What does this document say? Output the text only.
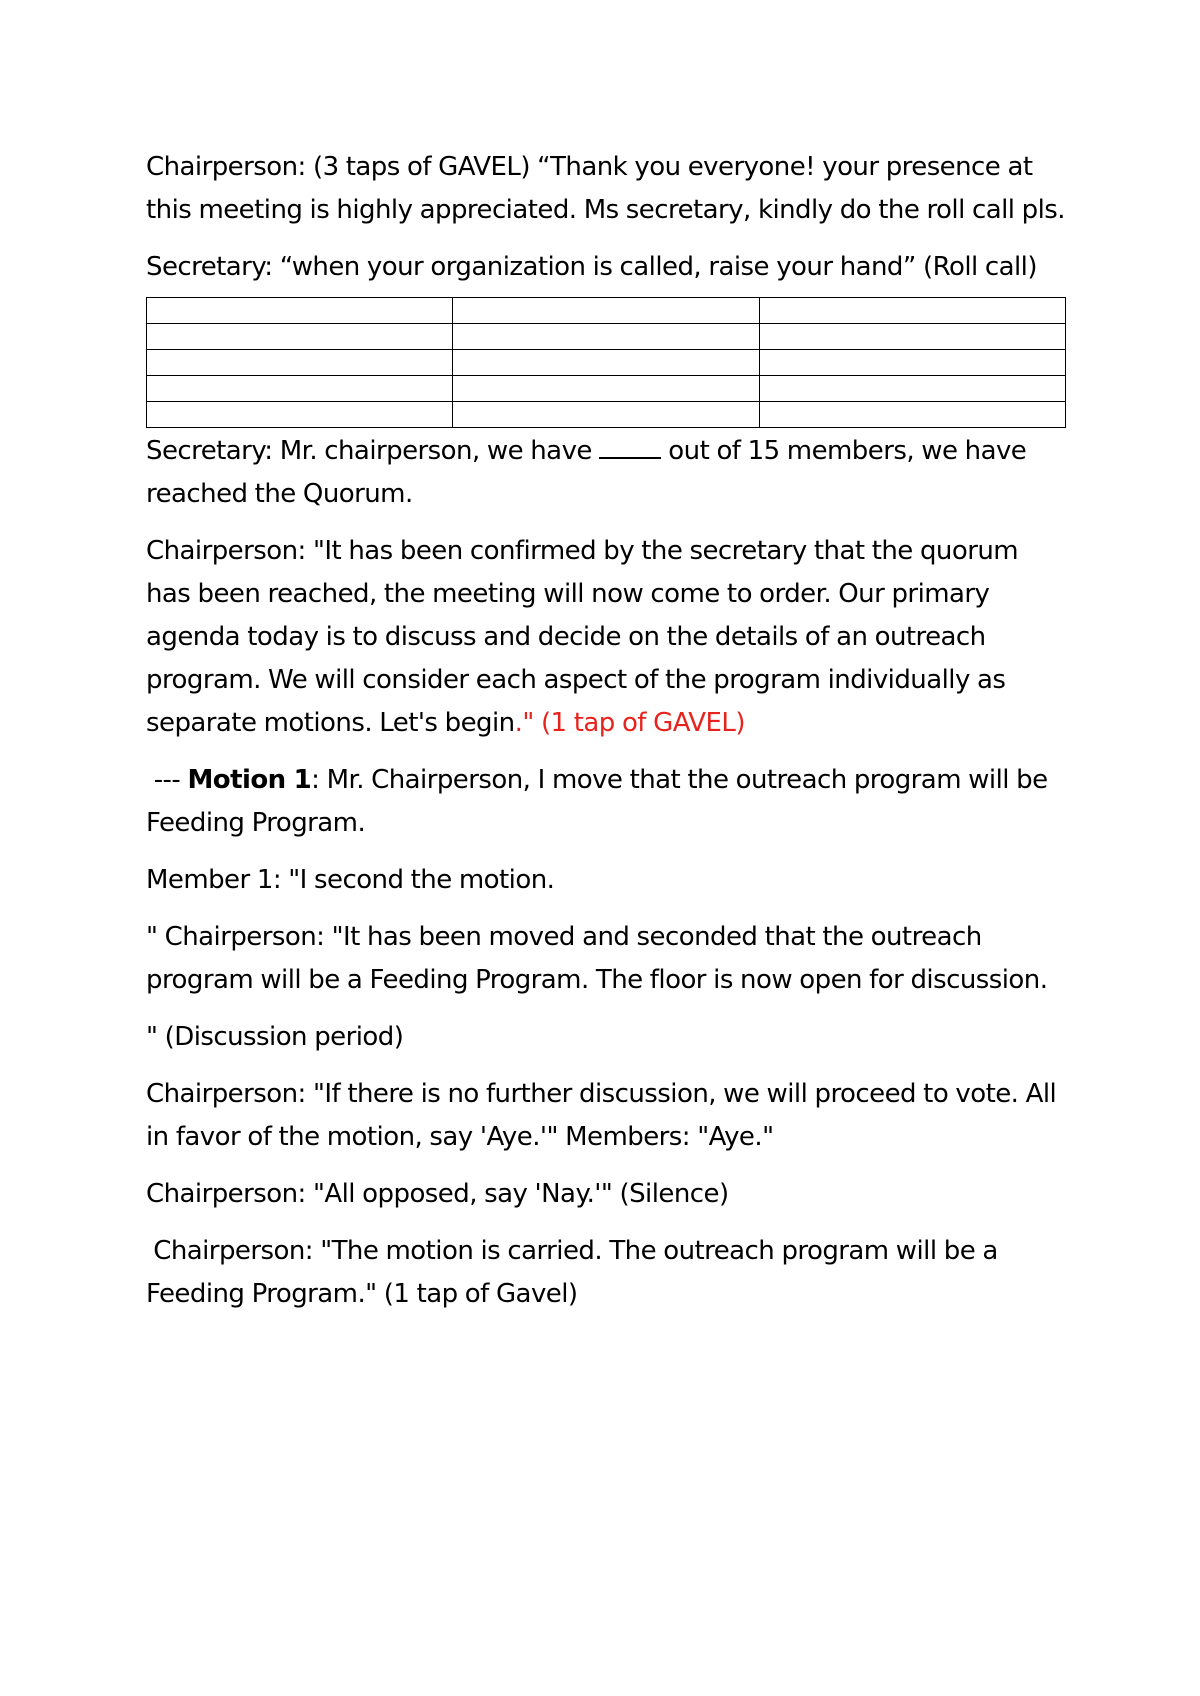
Chairperson: (3 taps of GAVEL) “Thank you everyone! your presence at this meeting is highly appreciated. Ms secretary, kindly do the roll call pls.

Secretary: “when your organization is called, raise your hand” (Roll call)

Secretary: Mr. chairperson, we have  out of 15 members, we have reached the Quorum.

Chairperson: "It has been confirmed by the secretary that the quorum has been reached, the meeting will now come to order. Our primary agenda today is to discuss and decide on the details of an outreach program. We will consider each aspect of the program individually as separate motions. Let's begin." (1 tap of GAVEL)

--- Motion 1: Mr. Chairperson, I move that the outreach program will be Feeding Program.

Member 1: "I second the motion.

" Chairperson: "It has been moved and seconded that the outreach program will be a Feeding Program. The floor is now open for discussion.

" (Discussion period)

Chairperson: "If there is no further discussion, we will proceed to vote. All in favor of the motion, say 'Aye.'" Members: "Aye."

Chairperson: "All opposed, say 'Nay.'" (Silence)

Chairperson: "The motion is carried. The outreach program will be a Feeding Program." (1 tap of Gavel)
